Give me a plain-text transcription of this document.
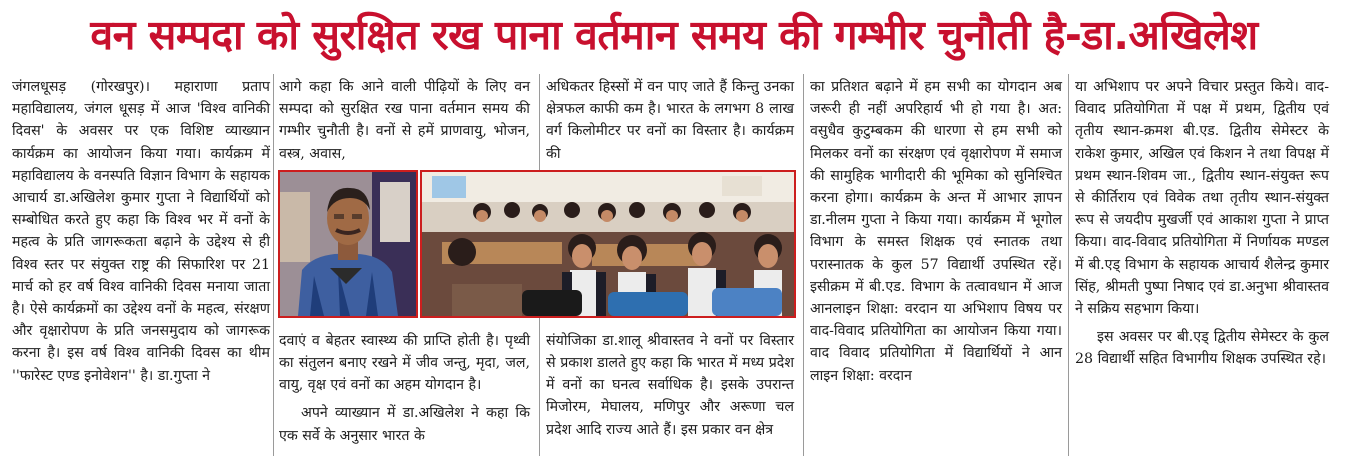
वन सम्पदा को सुरक्षित रख पाना वर्तमान समय की गम्भीर चुनौती है-डा.अखिलेश

जंगलधूसड़ (गोरखपुर)। महाराणा प्रताप महाविद्यालय, जंगल धूसड़ में आज 'विश्व वानिकी दिवस' के अवसर पर एक विशिष्ट व्याख्यान कार्यक्रम का आयोजन किया गया। कार्यक्रम में महाविद्यालय के वनस्पति विज्ञान विभाग के सहायक आचार्य डा.अखिलेश कुमार गुप्ता ने विद्यार्थियों को सम्बोधित करते हुए कहा कि विश्व भर में वनों के महत्व के प्रति जागरूकता बढ़ाने के उद्देश्य से ही विश्व स्तर पर संयुक्त राष्ट्र की सिफारिश पर 21 मार्च को हर वर्ष विश्व वानिकी दिवस मनाया जाता है। ऐसे कार्यक्रमों का उद्देश्य वनों के महत्व, संरक्षण और वृक्षारोपण के प्रति जनसमुदाय को जागरूक करना है। इस वर्ष विश्व वानिकी दिवस का थीम ''फारेस्ट एण्ड इनोवेशन'' है। डा.गुप्ता ने

आगे कहा कि आने वाली पीढ़ियों के लिए वन सम्पदा को सुरक्षित रख पाना वर्तमान समय की गम्भीर चुनौती है। वनों से हमें प्राणवायु, भोजन, वस्त्र, अवास,

दवाएं व बेहतर स्वास्थ्य की प्राप्ति होती है। पृथ्वी का संतुलन बनाए रखने में जीव जन्तु, मृदा, जल, वायु, वृक्ष एवं वनों का अहम योगदान है।

अपने व्याख्यान में डा.अखिलेश ने कहा कि एक सर्वे के अनुसार भारत के

अधिकतर हिस्सों में वन पाए जाते हैं किन्तु उनका क्षेत्रफल काफी कम है। भारत के लगभग 8 लाख वर्ग किलोमीटर पर वनों का विस्तार है। कार्यक्रम की

संयोजिका डा.शालू श्रीवास्तव ने वनों पर विस्तार से प्रकाश डालते हुए कहा कि भारत में मध्य प्रदेश में वनों का घनत्व सर्वाधिक है। इसके उपरान्त मिजोरम, मेघालय, मणिपुर और अरूणा चल प्रदेश आदि राज्य आते हैं। इस प्रकार वन क्षेत्र

का प्रतिशत बढ़ाने में हम सभी का योगदान अब जरूरी ही नहीं अपरिहार्य भी हो गया है। अत: वसुधैव कुटुम्बकम की धारणा से हम सभी को मिलकर वनों का संरक्षण एवं वृक्षारोपण में समाज की सामुहिक भागीदारी की भूमिका को सुनिश्चित करना होगा। कार्यक्रम के अन्त में आभार ज्ञापन डा.नीलम गुप्ता ने किया गया। कार्यक्रम में भूगोल विभाग के समस्त शिक्षक एवं स्नातक तथा परास्नातक के कुल 57 विद्यार्थी उपस्थित रहें। इसीक्रम में बी.एड. विभाग के तत्वावधान में आज आनलाइन शिक्षा: वरदान या अभिशाप विषय पर वाद-विवाद प्रतियोगिता का आयोजन किया गया। वाद विवाद प्रतियोगिता में विद्यार्थियों ने आन लाइन शिक्षा: वरदान

या अभिशाप पर अपने विचार प्रस्तुत किये। वाद-विवाद प्रतियोगिता में पक्ष में प्रथम, द्वितीय एवं तृतीय स्थान-क्रमश बी.एड. द्वितीय सेमेस्टर के राकेश कुमार, अखिल एवं किशन ने तथा विपक्ष में प्रथम स्थान-शिवम जा., द्वितीय स्थान-संयुक्त रूप से कीर्तिराय एवं विवेक तथा तृतीय स्थान-संयुक्त रूप से जयदीप मुखर्जी एवं आकाश गुप्ता ने प्राप्त किया। वाद-विवाद प्रतियोगिता में निर्णायक मण्डल में बी.एड् विभाग के सहायक आचार्य शैलेन्द्र कुमार सिंह, श्रीमती पुष्पा निषाद एवं डा.अनुभा श्रीवास्तव ने सक्रिय सहभाग किया।

इस अवसर पर बी.एड् द्वितीय सेमेस्टर के कुल 28 विद्यार्थी सहित विभागीय शिक्षक उपस्थित रहे।
